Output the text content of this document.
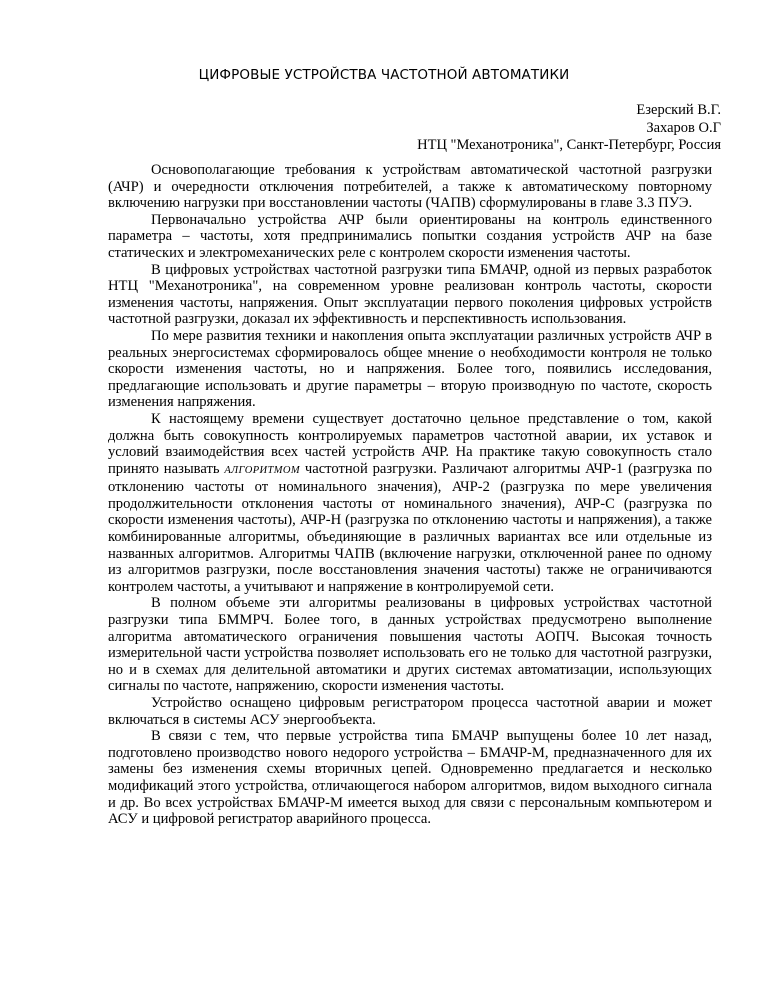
ЦИФРОВЫЕ УСТРОЙСТВА ЧАСТОТНОЙ АВТОМАТИКИ
Езерский В.Г.
Захаров О.Г
НТЦ "Механотроника", Санкт-Петербург, Россия

Основополагающие требования к устройствам автоматической частотной разгрузки (АЧР) и очередности отключения потребителей, а также к автоматическому повторному включению нагрузки при восстановлении частоты (ЧАПВ) сформулированы в главе 3.3 ПУЭ.

Первоначально устройства АЧР были ориентированы на контроль единственного параметра – частоты, хотя предпринимались попытки создания устройств АЧР на базе статических и электромеханических реле с контролем скорости изменения частоты.

В цифровых устройствах частотной разгрузки типа БМАЧР, одной из первых разработок НТЦ "Механотроника", на современном уровне реализован контроль частоты, скорости изменения частоты, напряжения. Опыт эксплуатации первого поколения цифровых устройств частотной разгрузки, доказал их эффективность и перспективность использования.

По мере развития техники и накопления опыта эксплуатации различных устройств АЧР в реальных энергосистемах сформировалось общее мнение о необходимости контроля не только скорости изменения частоты, но и напряжения. Более того, появились исследования, предлагающие использовать и другие параметры – вторую производную по частоте, скорость изменения напряжения.

К настоящему времени существует достаточно цельное представление о том, какой должна быть совокупность контролируемых параметров частотной аварии, их уставок и условий взаимодействия всех частей устройств АЧР. На практике такую совокупность стало принято называть АЛГОРИТМОМ частотной разгрузки. Различают алгоритмы АЧР-1 (разгрузка по отклонению частоты от номинального значения), АЧР-2 (разгрузка по мере увеличения продолжительности отклонения частоты от номинального значения), АЧР-С (разгрузка по скорости изменения частоты), АЧР-Н (разгрузка по отклонению частоты и напряжения), а также комбинированные алгоритмы, объединяющие в различных вариантах все или отдельные из названных алгоритмов. Алгоритмы ЧАПВ (включение нагрузки, отключенной ранее по одному из алгоритмов разгрузки, после восстановления значения частоты) также не ограничиваются контролем частоты, а учитывают и напряжение в контролируемой сети.

В полном объеме эти алгоритмы реализованы в цифровых устройствах частотной разгрузки типа БММРЧ. Более того, в данных устройствах предусмотрено выполнение алгоритма автоматического ограничения повышения частоты АОПЧ. Высокая точность измерительной части устройства позволяет использовать его не только для частотной разгрузки, но и в схемах для делительной автоматики и других системах автоматизации, использующих сигналы по частоте, напряжению, скорости изменения частоты.

Устройство оснащено цифровым регистратором процесса частотной аварии и может включаться в системы АСУ энергообъекта.

В связи с тем, что первые устройства типа БМАЧР выпущены более 10 лет назад, подготовлено производство нового недорого устройства – БМАЧР-М, предназначенного для их замены без изменения схемы вторичных цепей. Одновременно предлагается и несколько модификаций этого устройства, отличающегося набором алгоритмов, видом выходного сигнала и др. Во всех устройствах БМАЧР-М имеется выход для связи с персональным компьютером и АСУ и цифровой регистратор аварийного процесса.
